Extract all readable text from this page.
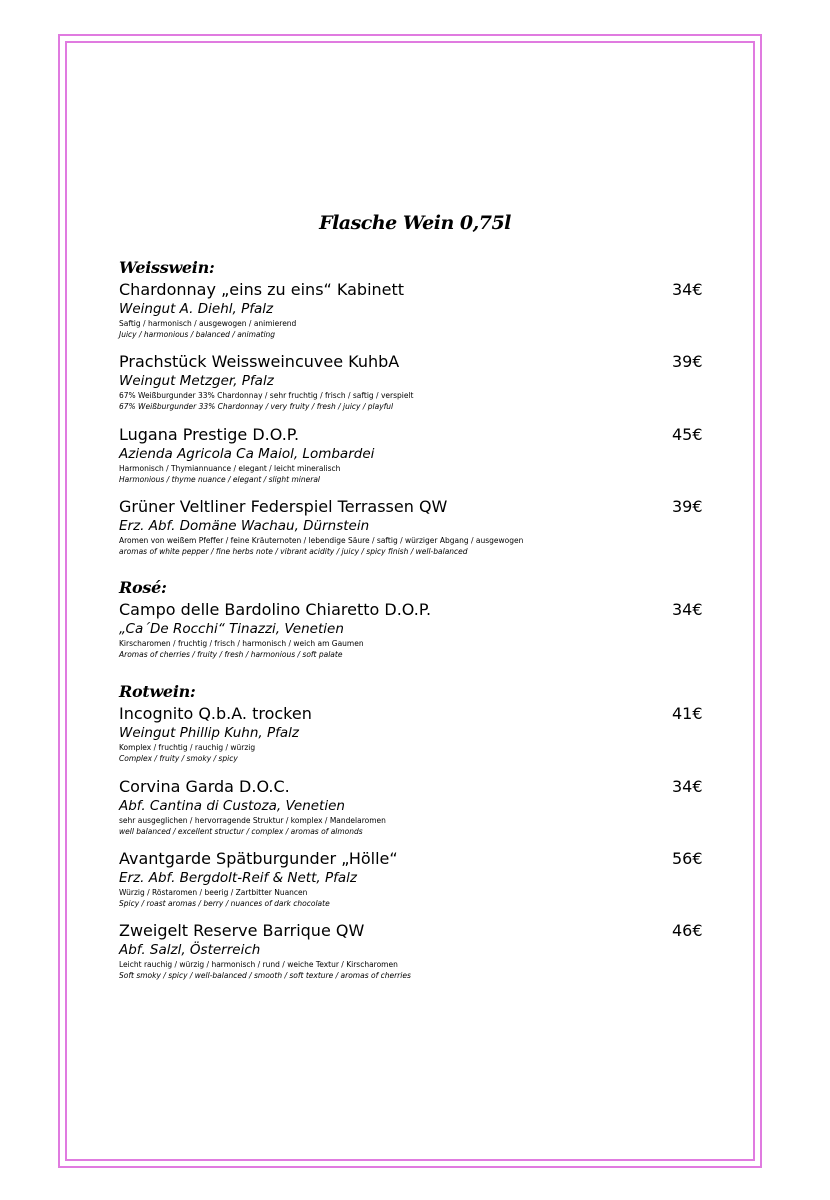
Flasche Wein 0,75l
Weisswein:
Chardonnay „eins zu eins“ Kabinett	34€
Weingut A. Diehl, Pfalz
Saftig / harmonisch / ausgewogen / animierend
Juicy / harmonious / balanced / animating
Prachstück Weissweincuvee KuhbA	39€
Weingut Metzger, Pfalz
67% Weißburgunder 33% Chardonnay / sehr fruchtig / frisch / saftig / verspielt
67% Weißburgunder 33% Chardonnay / very fruity / fresh / juicy / playful
Lugana Prestige D.O.P.	45€
Azienda Agricola Ca Maiol, Lombardei
Harmonisch / Thymiannuance / elegant / leicht mineralisch
Harmonious / thyme nuance / elegant / slight mineral
Grüner Veltliner Federspiel Terrassen QW	39€
Erz. Abf. Domäne Wachau, Dürnstein
Aromen von weißem Pfeffer / feine Kräuternoten / lebendige Säure / saftig / würziger Abgang / ausgewogen
aromas of white pepper / fine herbs note / vibrant acidity / juicy / spicy finish / well-balanced
Rosé:
Campo delle Bardolino Chiaretto D.O.P.	34€
„Ca´De Rocchi“ Tinazzi, Venetien
Kirscharomen / fruchtig / frisch / harmonisch / weich am Gaumen
Aromas of cherries / fruity / fresh / harmonious / soft palate
Rotwein:
Incognito Q.b.A. trocken	41€
Weingut Phillip Kuhn, Pfalz
Komplex / fruchtig / rauchig / würzig
Complex / fruity / smoky / spicy
Corvina Garda D.O.C.	34€
Abf. Cantina di Custoza, Venetien
sehr ausgeglichen / hervorragende Struktur / komplex / Mandelaromen
well balanced / excellent structur / complex / aromas of almonds
Avantgarde Spätburgunder „Hölle“	56€
Erz. Abf. Bergdolt-Reif & Nett, Pfalz
Würzig / Röstaromen / beerig / Zartbitter Nuancen
Spicy / roast aromas / berry / nuances of dark chocolate
Zweigelt Reserve Barrique QW	46€
Abf. Salzl, Österreich
Leicht rauchig / würzig / harmonisch / rund / weiche Textur / Kirscharomen
Soft smoky / spicy / well-balanced / smooth / soft texture / aromas of cherries
